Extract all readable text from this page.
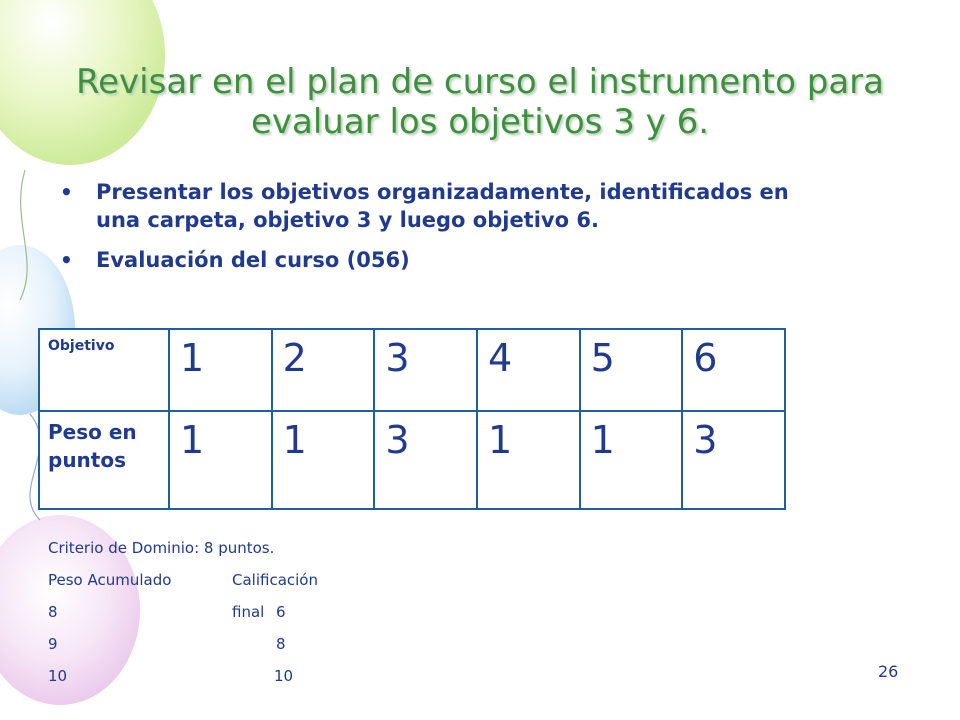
Revisar en el plan de curso el instrumento para evaluar los objetivos 3 y 6.
• Presentar los objetivos organizadamente, identificados en una carpeta, objetivo 3 y luego objetivo 6.
• Evaluación del curso (056)
Objetivo	1	2	3	4	5	6
Peso en puntos	1	1	3	1	1	3
Criterio de Dominio: 8 puntos.
Peso Acumulado	Calificación final
8	6
9	8
10	10	26
